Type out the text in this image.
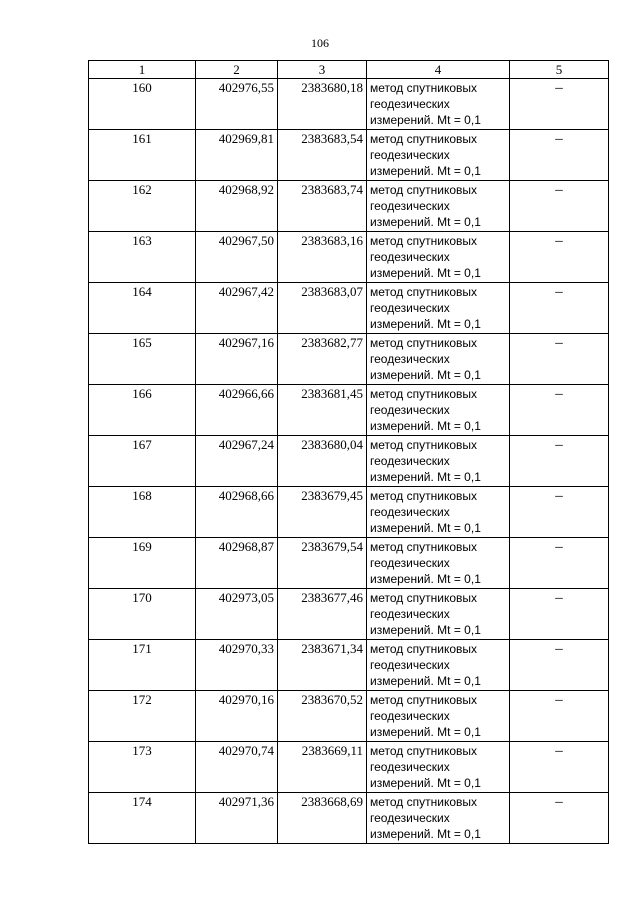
106
1	2	3	4	5
160	402976,55	2383680,18	метод спутниковых
геодезических
измерений. Mt = 0,1	–
161	402969,81	2383683,54	метод спутниковых
геодезических
измерений. Mt = 0,1	–
162	402968,92	2383683,74	метод спутниковых
геодезических
измерений. Mt = 0,1	–
163	402967,50	2383683,16	метод спутниковых
геодезических
измерений. Mt = 0,1	–
164	402967,42	2383683,07	метод спутниковых
геодезических
измерений. Mt = 0,1	–
165	402967,16	2383682,77	метод спутниковых
геодезических
измерений. Mt = 0,1	–
166	402966,66	2383681,45	метод спутниковых
геодезических
измерений. Mt = 0,1	–
167	402967,24	2383680,04	метод спутниковых
геодезических
измерений. Mt = 0,1	–
168	402968,66	2383679,45	метод спутниковых
геодезических
измерений. Mt = 0,1	–
169	402968,87	2383679,54	метод спутниковых
геодезических
измерений. Mt = 0,1	–
170	402973,05	2383677,46	метод спутниковых
геодезических
измерений. Mt = 0,1	–
171	402970,33	2383671,34	метод спутниковых
геодезических
измерений. Mt = 0,1	–
172	402970,16	2383670,52	метод спутниковых
геодезических
измерений. Mt = 0,1	–
173	402970,74	2383669,11	метод спутниковых
геодезических
измерений. Mt = 0,1	–
174	402971,36	2383668,69	метод спутниковых
геодезических
измерений. Mt = 0,1	–
